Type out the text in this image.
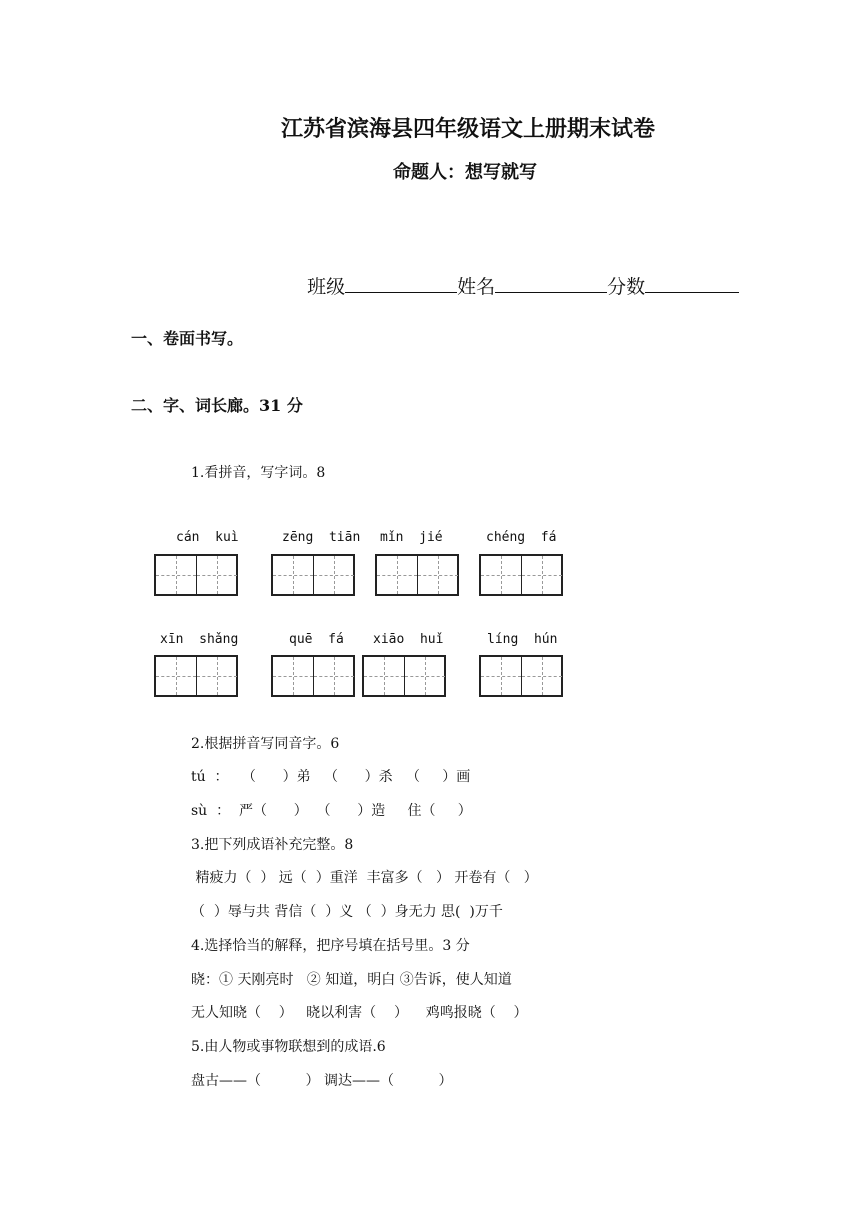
江苏省滨海县四年级语文上册期末试卷
命题人：想写就写

班级	姓名	分数

一、卷面书写。
二、字、词长廊。31 分
1.看拼音，写字词。8
cán  kuì	zēng  tiān mǐn  jié	chéng  fá
xīn  shǎng	quē  fá xiāo  huǐ	líng  hún
2.根据拼音写同音字。6
tú  ：   （      ）弟   （      ）杀   （     ）画
sù  ：  严（      ）  （      ）造     住（     ）
3.把下列成语补充完整。8
精疲力（  ） 远（  ）重洋  丰富多（   ） 开卷有（   ）
（  ）辱与共 背信（  ）义 （  ）身无力 思(  )万千
4.选择恰当的解释，把序号填在括号里。3 分
晓：① 天刚亮时   ② 知道，明白 ③告诉，使人知道
无人知晓（    ）   晓以利害（    ）    鸡鸣报晓（    ）
5.由人物或事物联想到的成语.6
盘古——（          ） 调达——（          ）
